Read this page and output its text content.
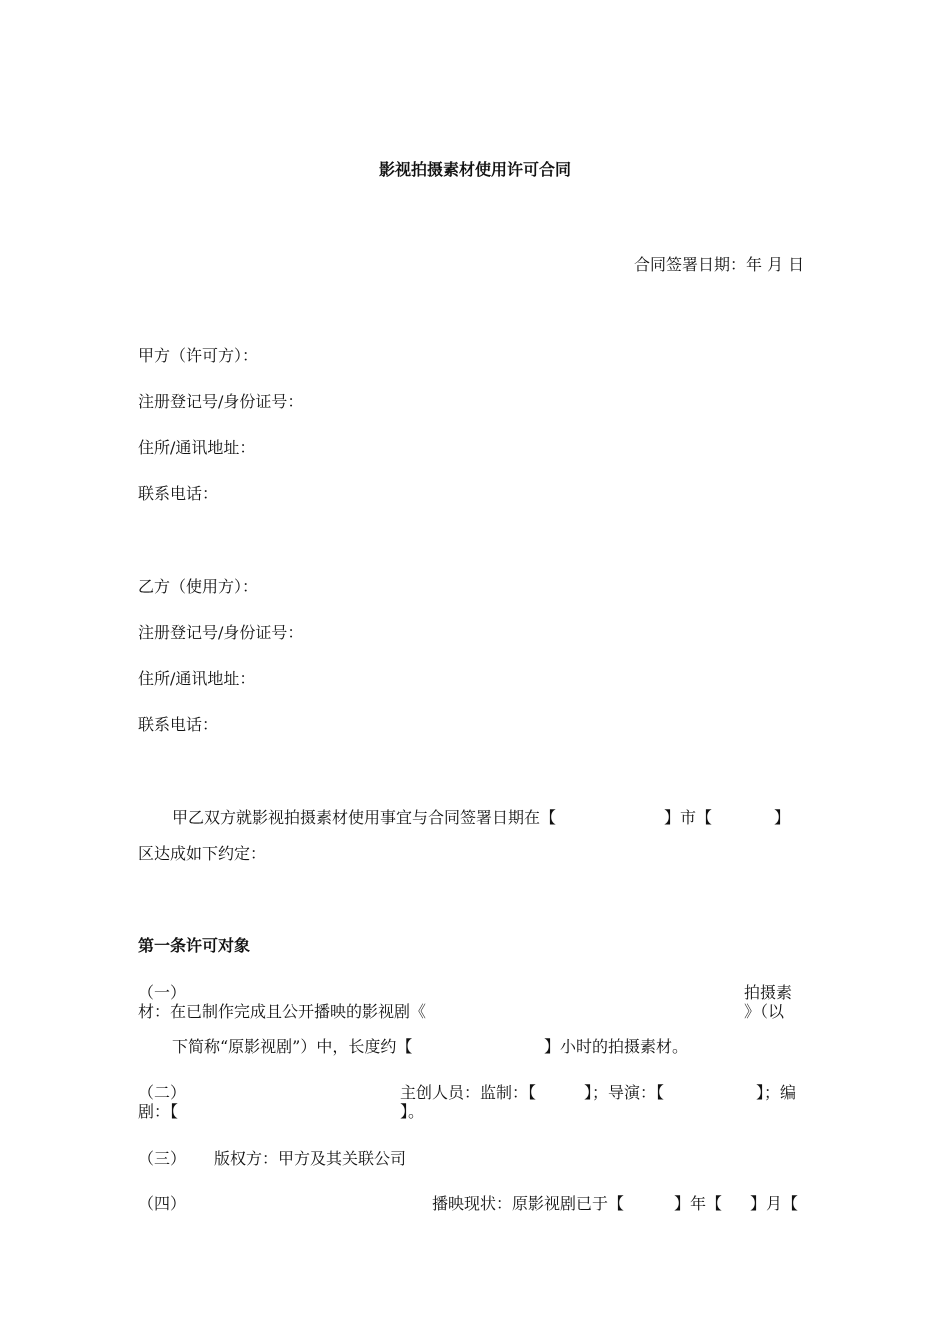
影视拍摄素材使用许可合同
合同签署日期：年 月 日
甲方（许可方）：
注册登记号/身份证号：
住所/通讯地址：
联系电话：
乙方（使用方）：
注册登记号/身份证号：
住所/通讯地址：
联系电话：
甲乙双方就影视拍摄素材使用事宜与合同签署日期在【	】市【	】
区达成如下约定：
第一条许可对象
（一）	拍摄素
材：在已制作完成且公开播映的影视剧《	》（以
下简称“原影视剧”）中，长度约【	】小时的拍摄素材。
（二）	主创人员：监制：【	】；导演：【	】；编
剧：【	】。
（三） 版权方：甲方及其关联公司
（四）	播映现状：原影视剧已于【	】年【 】月【
